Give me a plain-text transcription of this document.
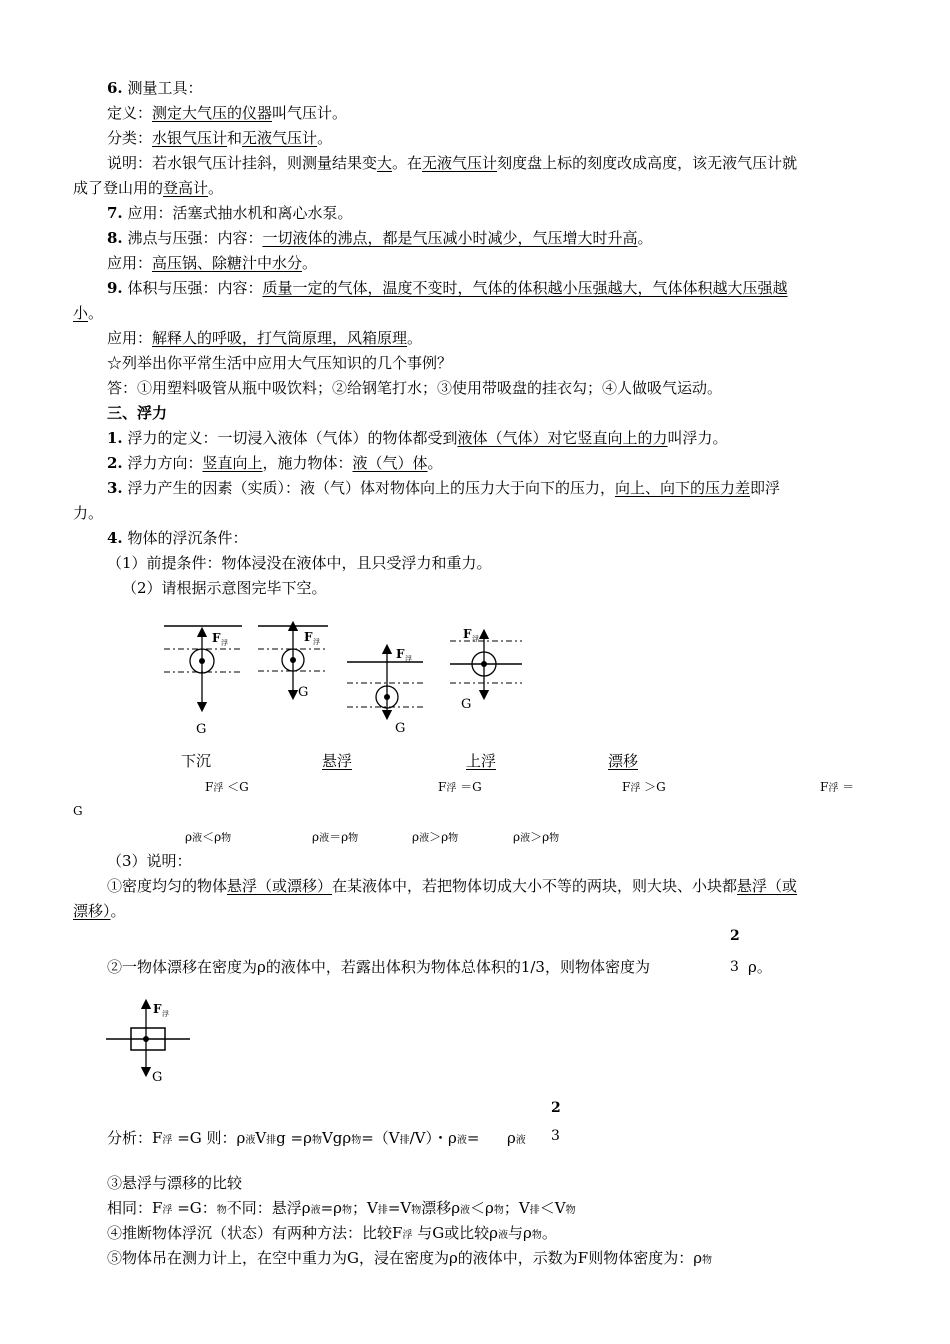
6. 测量工具：
定义：测定大气压的仪器叫气压计。
分类：水银气压计和无液气压计。
说明：若水银气压计挂斜，则测量结果变大。在无液气压计刻度盘上标的刻度改成高度，该无液气压计就
成了登山用的登高计。
7. 应用：活塞式抽水机和离心水泵。
8. 沸点与压强：内容：一切液体的沸点，都是气压减小时减少，气压增大时升高。
应用：高压锅、除糖汁中水分。
9. 体积与压强：内容：质量一定的气体，温度不变时，气体的体积越小压强越大，气体体积越大压强越
小。
应用：解释人的呼吸，打气筒原理，风箱原理。
☆列举出你平常生活中应用大气压知识的几个事例？
答：①用塑料吸管从瓶中吸饮料；②给钢笔打水；③使用带吸盘的挂衣勾；④人做吸气运动。
三、浮力
1. 浮力的定义：一切浸入液体（气体）的物体都受到液体（气体）对它竖直向上的力叫浮力。
2. 浮力方向：竖直向上，施力物体：液（气）体。
3. 浮力产生的因素（实质）：液（气）体对物体向上的压力大于向下的压力，向上、向下的压力差即浮
力。
4. 物体的浮沉条件：
（1）前提条件：物体浸没在液体中，且只受浮力和重力。
（2）请根据示意图完毕下空。
F 浮
G
F 浮
G
F 浮
G
F 浮
G
下沉	悬浮	上浮	漂移
F浮 ＜G	F浮 ＝G	F浮 ＞G	F浮 ＝
G
ρ液＜ρ物	ρ液＝ρ物	ρ液＞ρ物	ρ液＞ρ物
（3）说明：
①密度均匀的物体悬浮（或漂移）在某液体中，若把物体切成大小不等的两块，则大块、小块都悬浮（或
漂移）。
②一物体漂移在密度为ρ的液体中，若露出体积为物体总体积的1/3，则物体密度为
2
3 ρ。
F 浮
G
分析：F浮 =G 则：ρ液V排g =ρ物Vgρ物=（V排/V）・ρ液=  ρ液
2
3
③悬浮与漂移的比较
相同：F浮 =G：物不同：悬浮ρ液=ρ物；V排=V物漂移ρ液＜ρ物；V排＜V物
④推断物体浮沉（状态）有两种方法：比较F浮 与G或比较ρ液与ρ物。
⑤物体吊在测力计上，在空中重力为G，浸在密度为ρ的液体中，示数为F则物体密度为：ρ物
